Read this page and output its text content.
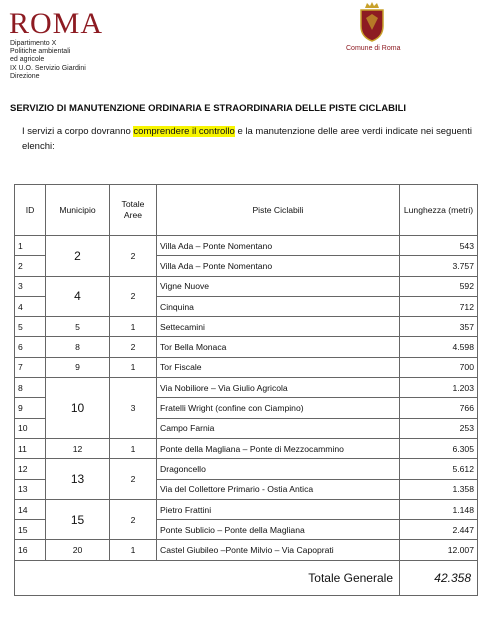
ROMA
Dipartimento X
Politiche ambientali
ed agricole
IX U.O. Servizio Giardini
Direzione
Comune di Roma
SERVIZIO DI MANUTENZIONE ORDINARIA E STRAORDINARIA DELLE PISTE CICLABILI
I servizi a corpo dovranno comprendere il controllo e la manutenzione delle aree verdi indicate nei seguenti elenchi:
ID	Municipio	Totale Aree	Piste Ciclabili	Lunghezza (metri)
1	2	2	Villa Ada – Ponte Nomentano	543
2			Villa Ada – Ponte Nomentano	3.757
3	4	2	Vigne Nuove	592
4			Cinquina	712
5	5	1	Settecamini	357
6	8	2	Tor Bella Monaca	4.598
7	9	1	Tor Fiscale	700
8	10	3	Via Nobiliore – Via Giulio Agricola	1.203
9			Fratelli Wright (confine con Ciampino)	766
10			Campo Farnia	253
11	12	1	Ponte della Magliana – Ponte di Mezzocammino	6.305
12	13	2	Dragoncello	5.612
13			Via del Collettore Primario - Ostia Antica	1.358
14	15	2	Pietro Frattini	1.148
15			Ponte Sublicio – Ponte della Magliana	2.447
16	20	1	Castel Giubileo –Ponte Milvio – Via Capoprati	12.007
Totale Generale				42.358
